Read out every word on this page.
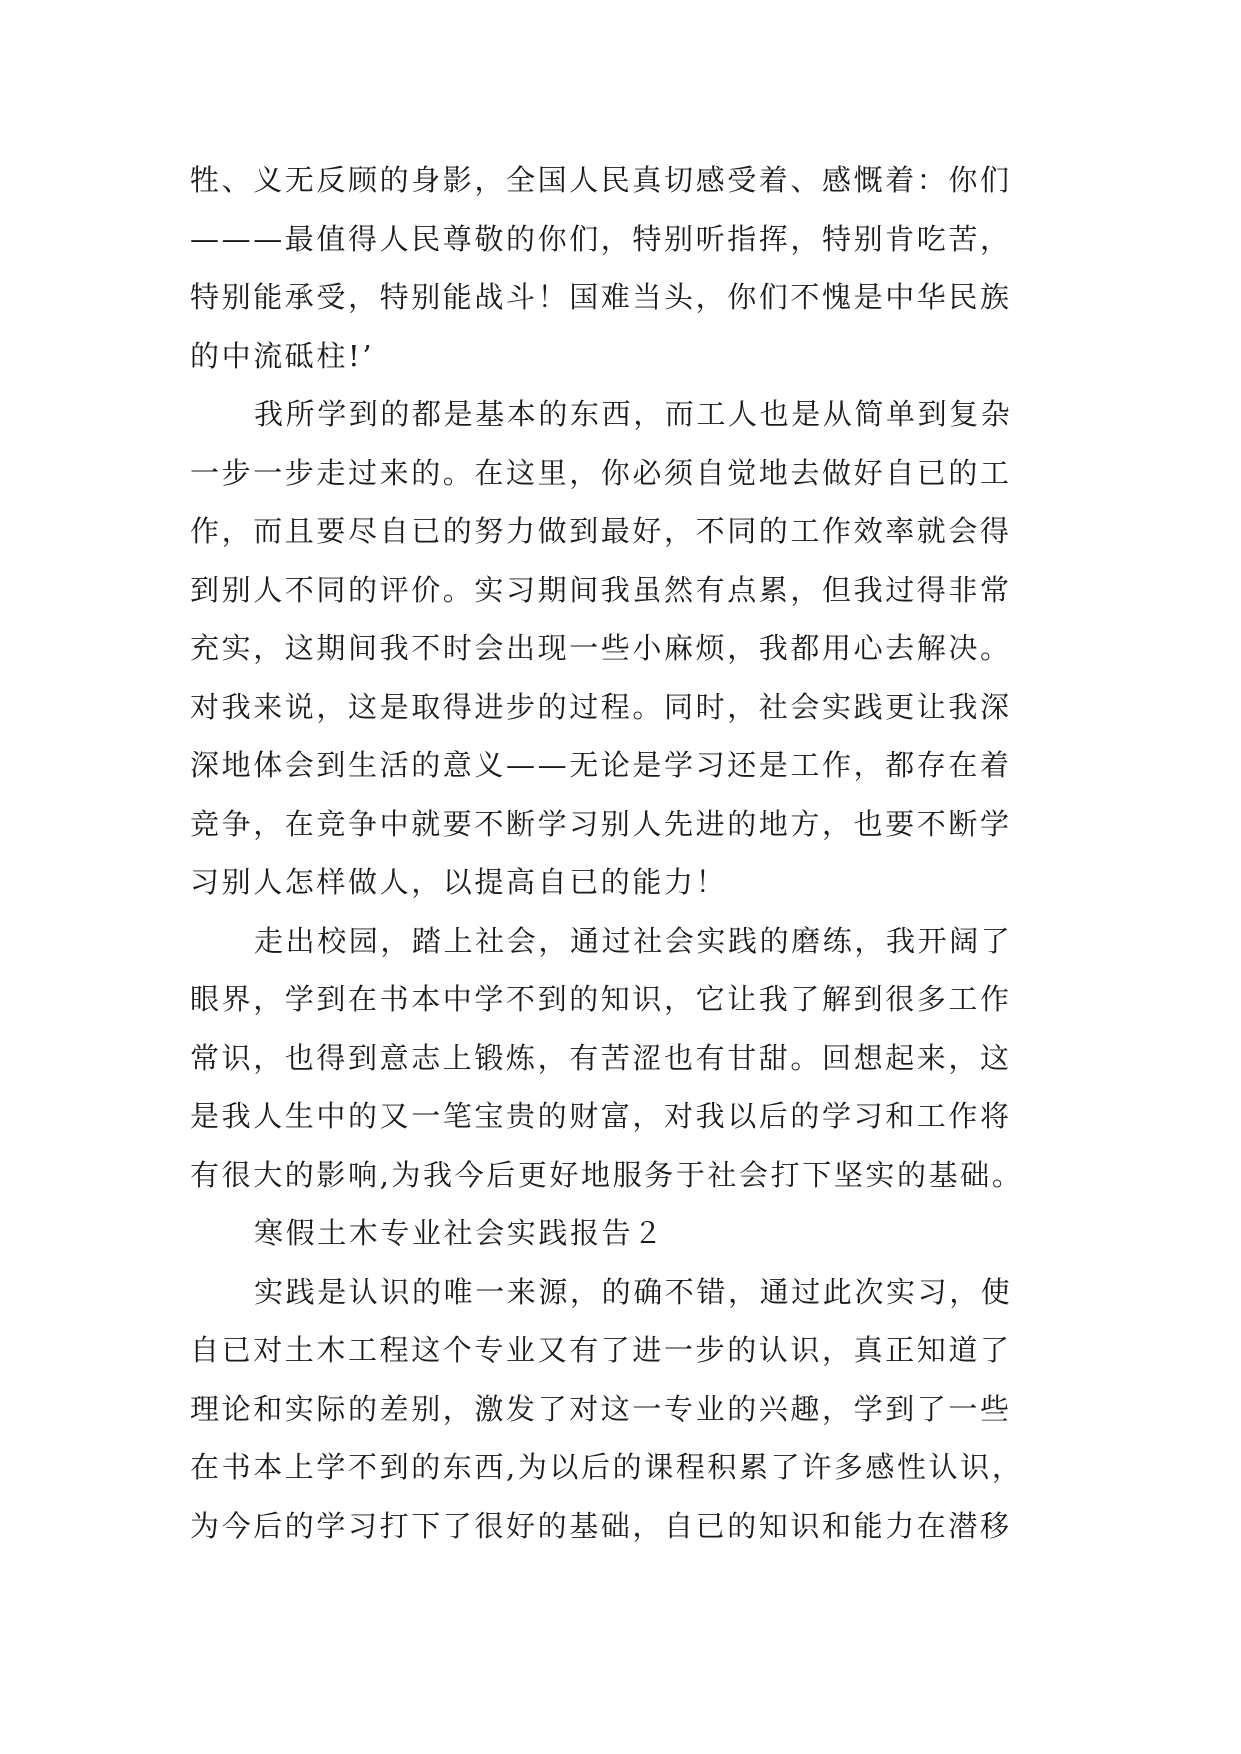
牲、义无反顾的身影，全国人民真切感受着、感慨着：你们
———最值得人民尊敬的你们，特别听指挥，特别肯吃苦，
特别能承受，特别能战斗！国难当头，你们不愧是中华民族
的中流砥柱!’
我所学到的都是基本的东西，而工人也是从简单到复杂
一步一步走过来的。在这里，你必须自觉地去做好自已的工
作，而且要尽自已的努力做到最好，不同的工作效率就会得
到别人不同的评价。实习期间我虽然有点累，但我过得非常
充实，这期间我不时会出现一些小麻烦，我都用心去解决。
对我来说，这是取得进步的过程。同时，社会实践更让我深
深地体会到生活的意义——无论是学习还是工作，都存在着
竞争，在竞争中就要不断学习别人先进的地方，也要不断学
习别人怎样做人，以提高自已的能力！
走出校园，踏上社会，通过社会实践的磨练，我开阔了
眼界，学到在书本中学不到的知识，它让我了解到很多工作
常识，也得到意志上锻炼，有苦涩也有甘甜。回想起来，这
是我人生中的又一笔宝贵的财富，对我以后的学习和工作将
有很大的影响,为我今后更好地服务于社会打下坚实的基础。
寒假土木专业社会实践报告２
实践是认识的唯一来源，的确不错，通过此次实习，使
自已对土木工程这个专业又有了进一步的认识，真正知道了
理论和实际的差别，激发了对这一专业的兴趣，学到了一些
在书本上学不到的东西,为以后的课程积累了许多感性认识，
为今后的学习打下了很好的基础，自已的知识和能力在潜移
